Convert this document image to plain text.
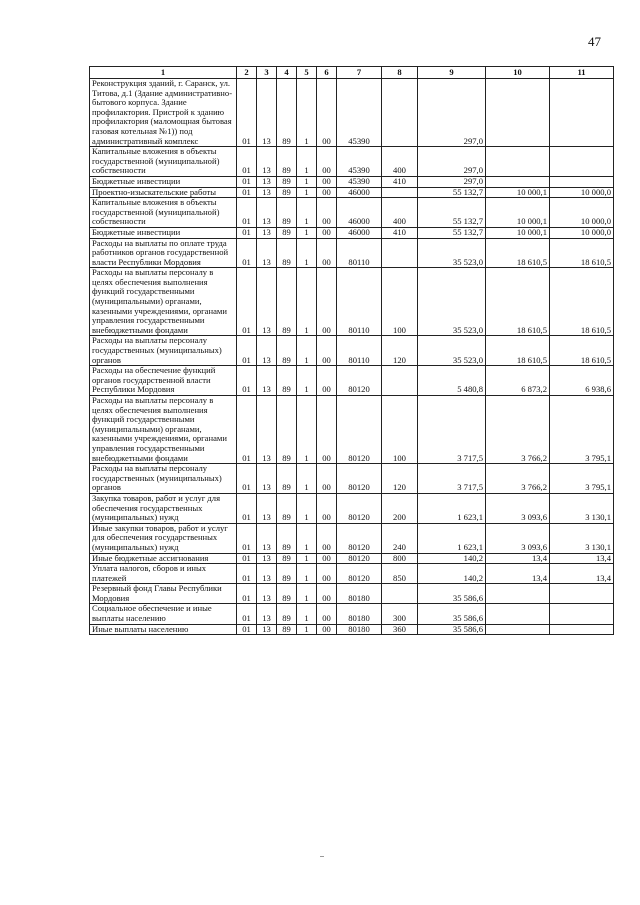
47
1	2	3	4	5	6	7	8	9	10	11
Реконструкция зданий, г. Саранск, ул. Титова, д.1 (Здание административно-бытового корпуса. Здание профилактория. Пристрой к зданию профилактория (маломощная бытовая газовая котельная №1)) под административный комплекс	01	13	89	1	00	45390		297,0		
Капитальные вложения в объекты государственной (муниципальной) собственности	01	13	89	1	00	45390	400	297,0		
Бюджетные инвестиции	01	13	89	1	00	45390	410	297,0		
Проектно-изыскательские работы	01	13	89	1	00	46000		55 132,7	10 000,1	10 000,0
Капитальные вложения в объекты государственной (муниципальной) собственности	01	13	89	1	00	46000	400	55 132,7	10 000,1	10 000,0
Бюджетные инвестиции	01	13	89	1	00	46000	410	55 132,7	10 000,1	10 000,0
Расходы на выплаты по оплате труда работников органов государственной власти Республики Мордовия	01	13	89	1	00	80110		35 523,0	18 610,5	18 610,5
Расходы на выплаты персоналу в целях обеспечения выполнения функций государственными (муниципальными) органами, казенными учреждениями, органами управления государственными внебюджетными фондами	01	13	89	1	00	80110	100	35 523,0	18 610,5	18 610,5
Расходы на выплаты персоналу государственных (муниципальных) органов	01	13	89	1	00	80110	120	35 523,0	18 610,5	18 610,5
Расходы на обеспечение функций органов государственной власти Республики Мордовия	01	13	89	1	00	80120		5 480,8	6 873,2	6 938,6
Расходы на выплаты персоналу в целях обеспечения выполнения функций государственными (муниципальными) органами, казенными учреждениями, органами управления государственными внебюджетными фондами	01	13	89	1	00	80120	100	3 717,5	3 766,2	3 795,1
Расходы на выплаты персоналу государственных (муниципальных) органов	01	13	89	1	00	80120	120	3 717,5	3 766,2	3 795,1
Закупка товаров, работ и услуг для обеспечения государственных (муниципальных) нужд	01	13	89	1	00	80120	200	1 623,1	3 093,6	3 130,1
Иные закупки товаров, работ и услуг для обеспечения государственных (муниципальных) нужд	01	13	89	1	00	80120	240	1 623,1	3 093,6	3 130,1
Иные бюджетные ассигнования	01	13	89	1	00	80120	800	140,2	13,4	13,4
Уплата налогов, сборов и иных платежей	01	13	89	1	00	80120	850	140,2	13,4	13,4
Резервный фонд Главы Республики Мордовия	01	13	89	1	00	80180		35 586,6		
Социальное обеспечение и иные выплаты населению	01	13	89	1	00	80180	300	35 586,6		
Иные выплаты населению	01	13	89	1	00	80180	360	35 586,6		
